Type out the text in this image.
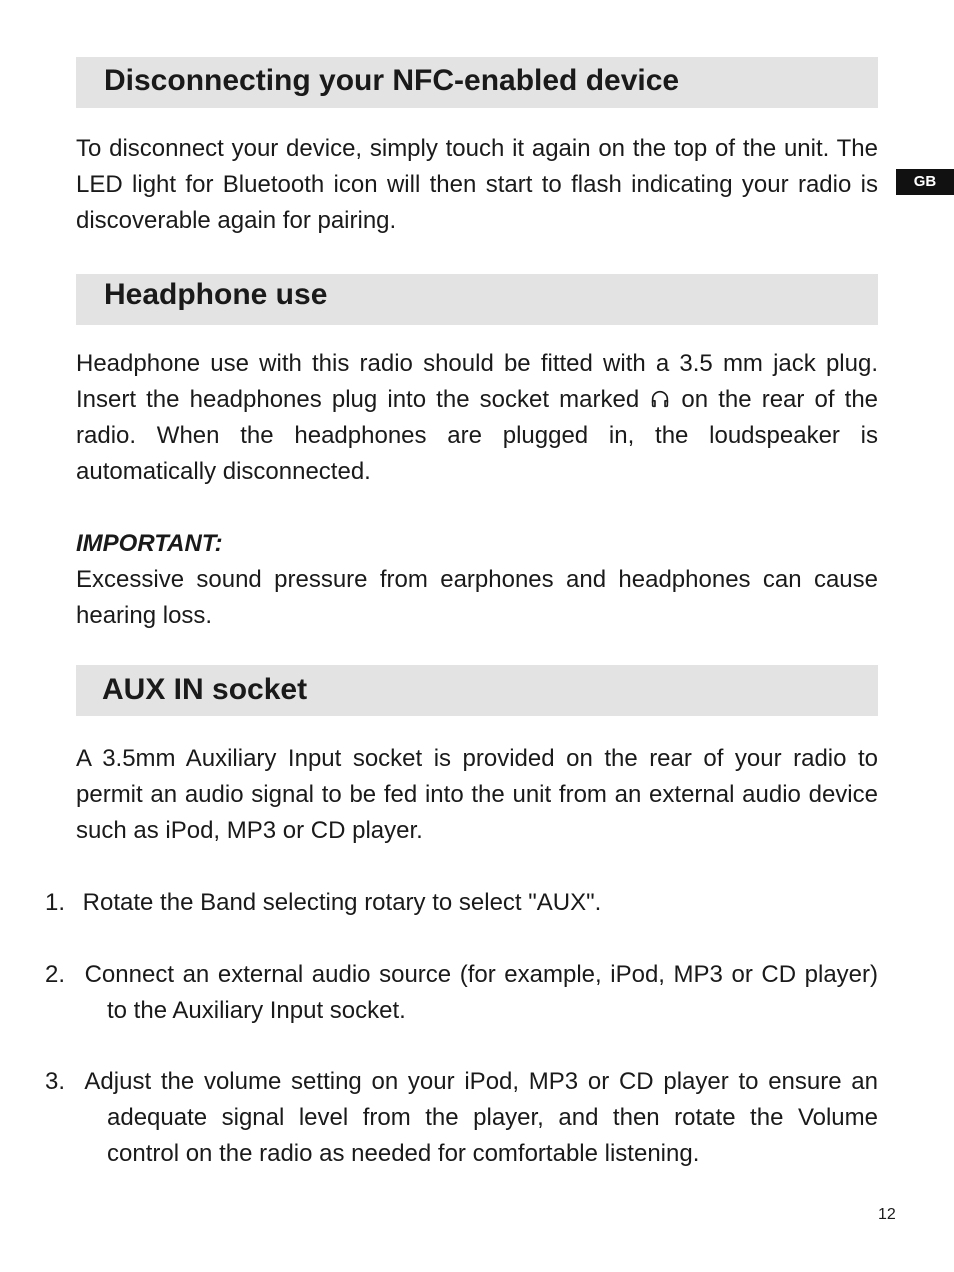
GB
Disconnecting your NFC-enabled device

To disconnect your device, simply touch it again on the top of the unit. The LED light for Bluetooth icon will then start to flash indicating your radio is discoverable again for pairing.

Headphone use

Headphone use with this radio should be fitted with a 3.5 mm jack plug. Insert the headphones plug into the socket marked on the rear of the radio. When the headphones are plugged in, the loudspeaker is automatically disconnected.

IMPORTANT:

Excessive sound pressure from earphones and headphones can cause hearing loss.

AUX IN socket

A 3.5mm Auxiliary Input socket is provided on the rear of your radio to permit an audio signal to be fed into the unit from an external audio device such as iPod, MP3 or CD player.

1. Rotate the Band selecting rotary to select "AUX".

2. Connect an external audio source (for example, iPod, MP3 or CD player) to the Auxiliary Input socket.

3. Adjust the volume setting on your iPod, MP3 or CD player to ensure an adequate signal level from the player, and then rotate the Volume control on the radio as needed for comfortable listening.

12
